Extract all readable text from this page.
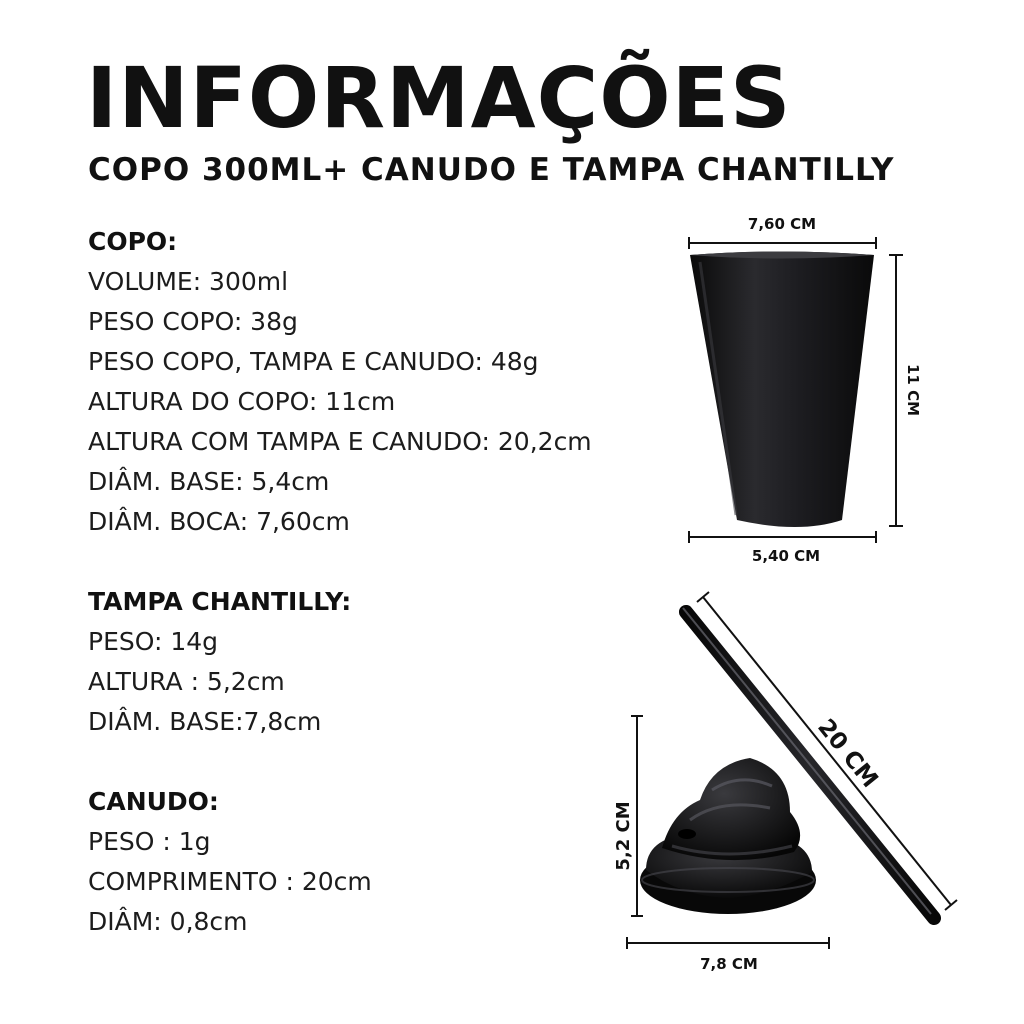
INFORMAÇÕES
COPO 300ML+ CANUDO E TAMPA CHANTILLY
COPO:
VOLUME: 300ml
PESO COPO: 38g
PESO COPO, TAMPA E CANUDO: 48g
ALTURA DO COPO: 11cm
ALTURA COM TAMPA E CANUDO: 20,2cm
DIÂM. BASE: 5,4cm
DIÂM. BOCA: 7,60cm
TAMPA CHANTILLY:
PESO: 14g
ALTURA : 5,2cm
DIÂM. BASE:7,8cm
CANUDO:
PESO : 1g
COMPRIMENTO : 20cm
DIÂM: 0,8cm
7,60 CM
11 CM
5,40 CM
20 CM
5,2 CM
7,8 CM
